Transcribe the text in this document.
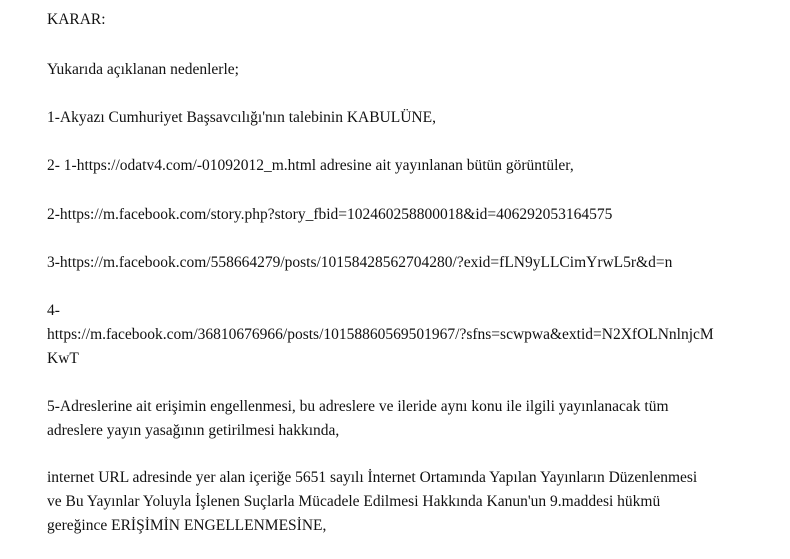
KARAR:
Yukarıda açıklanan nedenlerle;
1-Akyazı Cumhuriyet Başsavcılığı'nın talebinin KABULÜNE,
2- 1-https://odatv4.com/-01092012_m.html adresine ait yayınlanan bütün görüntüler,
2-https://m.facebook.com/story.php?story_fbid=102460258800018&id=406292053164575
3-https://m.facebook.com/558664279/posts/10158428562704280/?exid=fLN9yLLCimYrwL5r&d=n
4-
https://m.facebook.com/36810676966/posts/10158860569501967/?sfns=scwpwa&extid=N2XfOLNnlnjcM
KwT
5-Adreslerine ait erişimin engellenmesi, bu adreslere ve ileride aynı konu ile ilgili yayınlanacak tüm
adreslere yayın yasağının getirilmesi hakkında,
internet URL adresinde yer alan içeriğe 5651 sayılı İnternet Ortamında Yapılan Yayınların Düzenlenmesi
ve Bu Yayınlar Yoluyla İşlenen Suçlarla Mücadele Edilmesi Hakkında Kanun'un 9.maddesi hükmü
gereğince ERİŞİMİN ENGELLENMESİNE,
